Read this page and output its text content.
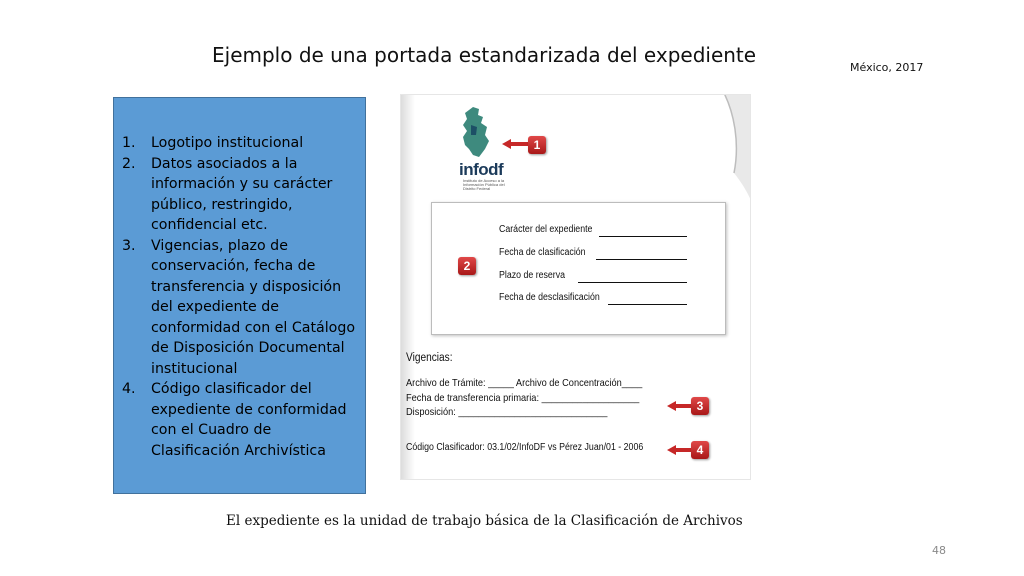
Ejemplo de una portada estandarizada del expediente
México, 2017
1. Logotipo institucional
2. Datos asociados a la información y su carácter público, restringido, confidencial etc.
3. Vigencias, plazo de conservación, fecha de transferencia y disposición del expediente de conformidad con el Catálogo de Disposición Documental institucional
4. Código clasificador del expediente de conformidad con el Cuadro de Clasificación Archivística
infodf
Instituto de Acceso a la Información Pública del Distrito Federal
1
Carácter del expediente
Fecha de clasificación
Plazo de reserva
Fecha de desclasificación
2
Vigencias:
Archivo de Trámite: _____ Archivo de Concentración____
Fecha de transferencia primaria: ___________________
Disposición: _____________________________	3
Código Clasificador: 03.1/02/InfoDF vs Pérez Juan/01 - 2006	4
El expediente es la unidad de trabajo básica de la Clasificación de Archivos
48
